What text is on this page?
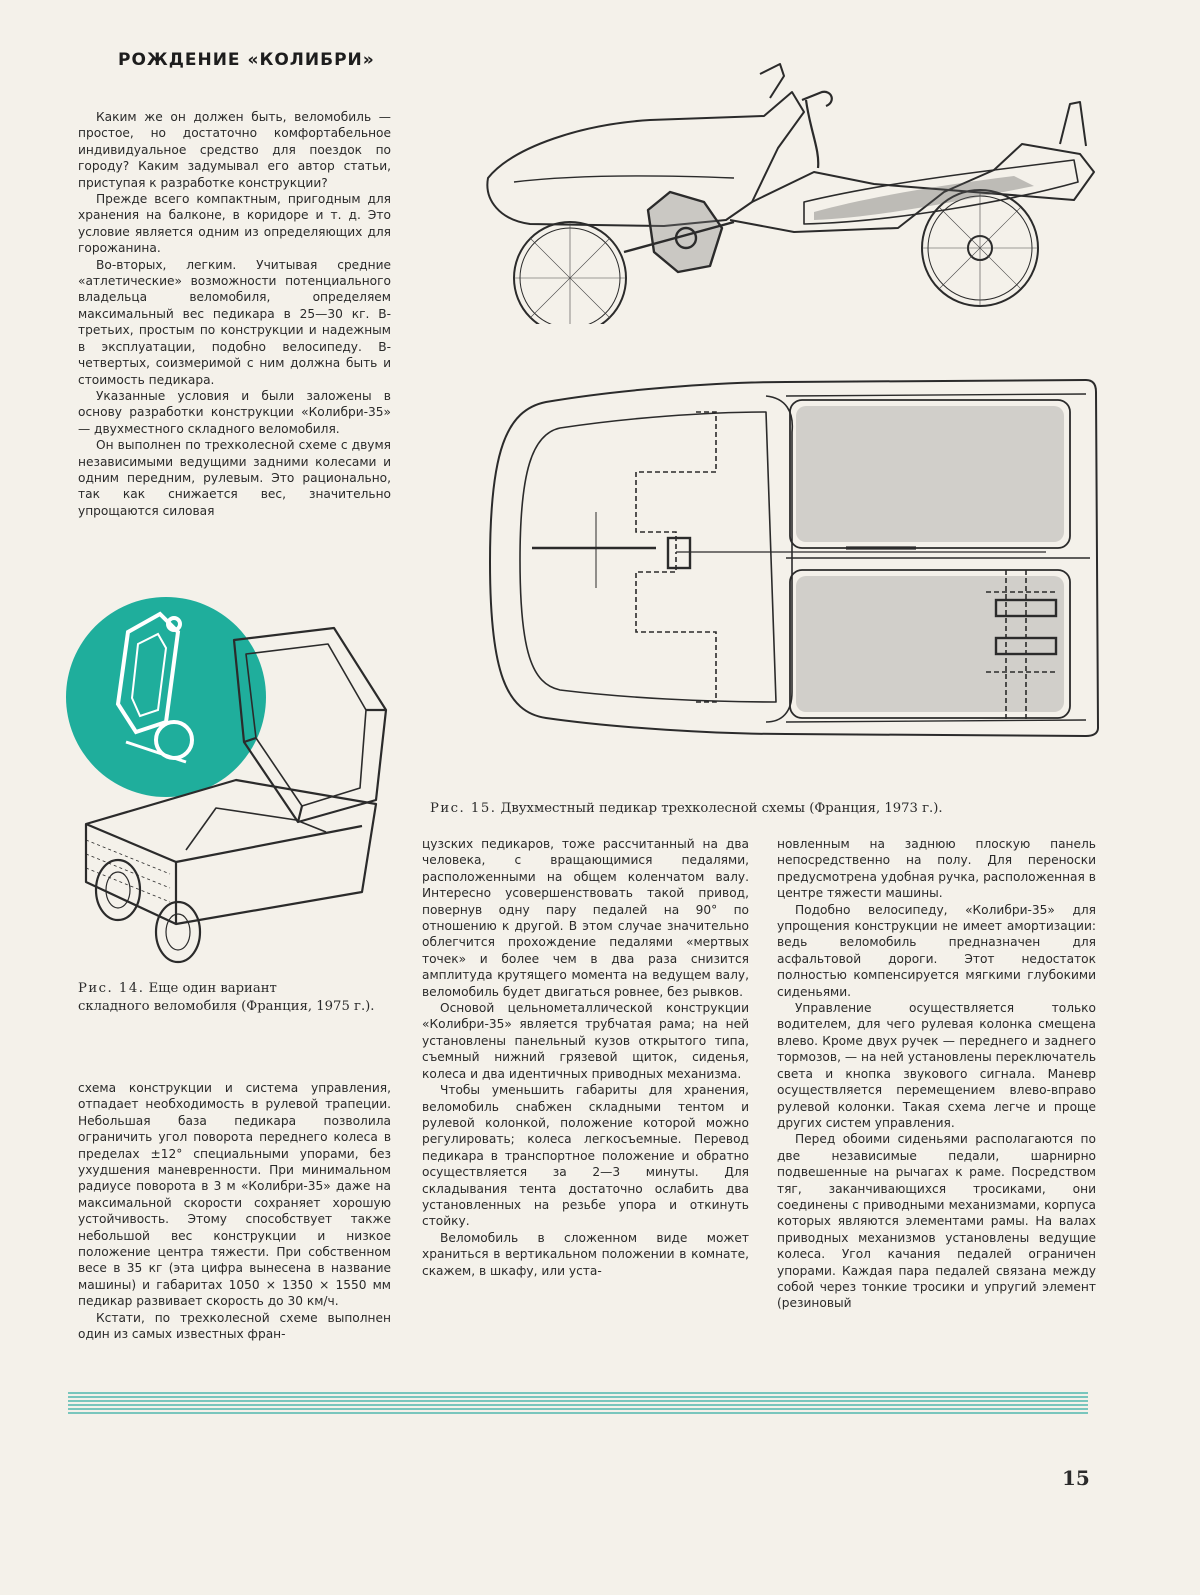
РОЖДЕНИЕ «КОЛИБРИ»

Каким же он должен быть, веломобиль — простое, но достаточно комфортабельное индивидуальное средство для поездок по городу? Каким задумывал его автор статьи, приступая к разработке конструкции?

Прежде всего компактным, пригодным для хранения на балконе, в коридоре и т. д. Это условие является одним из определяющих для горожанина.

Во-вторых, легким. Учитывая средние «атлетические» возможности потенциального владельца веломобиля, определяем максимальный вес педикара в 25—30 кг. В-третьих, простым по конструкции и надежным в эксплуатации, подобно велосипеду. В-четвертых, соизмеримой с ним должна быть и стоимость педикара.

Указанные условия и были заложены в основу разработки конструкции «Колибри-35» — двухместного складного веломобиля.

Он выполнен по трехколесной схеме с двумя независимыми ведущими задними колесами и одним передним, рулевым. Это рационально, так как снижается вес, значительно упрощаются силовая

Рис. 14. Еще один вариант
складного веломобиля (Франция, 1975 г.).

схема конструкции и система управления, отпадает необходимость в рулевой трапеции. Небольшая база педикара позволила ограничить угол поворота переднего колеса в пределах ±12° специальными упорами, без ухудшения маневренности. При минимальном радиусе поворота в 3 м «Колибри-35» даже на максимальной скорости сохраняет хорошую устойчивость. Этому способствует также небольшой вес конструкции и низкое положение центра тяжести. При собственном весе в 35 кг (эта цифра вынесена в название машины) и габаритах 1050 × 1350 × 1550 мм педикар развивает скорость до 30 км/ч.

Кстати, по трехколесной схеме выполнен один из самых известных фран-

Рис. 15. Двухместный педикар трехколесной схемы (Франция, 1973 г.).

цузских педикаров, тоже рассчитанный на два человека, с вращающимися педалями, расположенными на общем коленчатом валу. Интересно усовершенствовать такой привод, повернув одну пару педалей на 90° по отношению к другой. В этом случае значительно облегчится прохождение педалями «мертвых точек» и более чем в два раза снизится амплитуда крутящего момента на ведущем валу, веломобиль будет двигаться ровнее, без рывков.

Основой цельнометаллической конструкции «Колибри-35» является трубчатая рама; на ней установлены панельный кузов открытого типа, съемный нижний грязевой щиток, сиденья, колеса и два идентичных приводных механизма.

Чтобы уменьшить габариты для хранения, веломобиль снабжен складными тентом и рулевой колонкой, положение которой можно регулировать; колеса легкосъемные. Перевод педикара в транспортное положение и обратно осуществляется за 2—3 минуты. Для складывания тента достаточно ослабить два установленных на резьбе упора и откинуть стойку.

Веломобиль в сложенном виде может храниться в вертикальном положении в комнате, скажем, в шкафу, или уста-

новленным на заднюю плоскую панель непосредственно на полу. Для переноски предусмотрена удобная ручка, расположенная в центре тяжести машины.

Подобно велосипеду, «Колибри-35» для упрощения конструкции не имеет амортизации: ведь веломобиль предназначен для асфальтовой дороги. Этот недостаток полностью компенсируется мягкими глубокими сиденьями.

Управление осуществляется только водителем, для чего рулевая колонка смещена влево. Кроме двух ручек — переднего и заднего тормозов, — на ней установлены переключатель света и кнопка звукового сигнала. Маневр осуществляется перемещением влево-вправо рулевой колонки. Такая схема легче и проще других систем управления.

Перед обоими сиденьями располагаются по две независимые педали, шарнирно подвешенные на рычагах к раме. Посредством тяг, заканчивающихся тросиками, они соединены с приводными механизмами, корпуса которых являются элементами рамы. На валах приводных механизмов установлены ведущие колеса. Угол качания педалей ограничен упорами. Каждая пара педалей связана между собой через тонкие тросики и упругий элемент (резиновый

15
